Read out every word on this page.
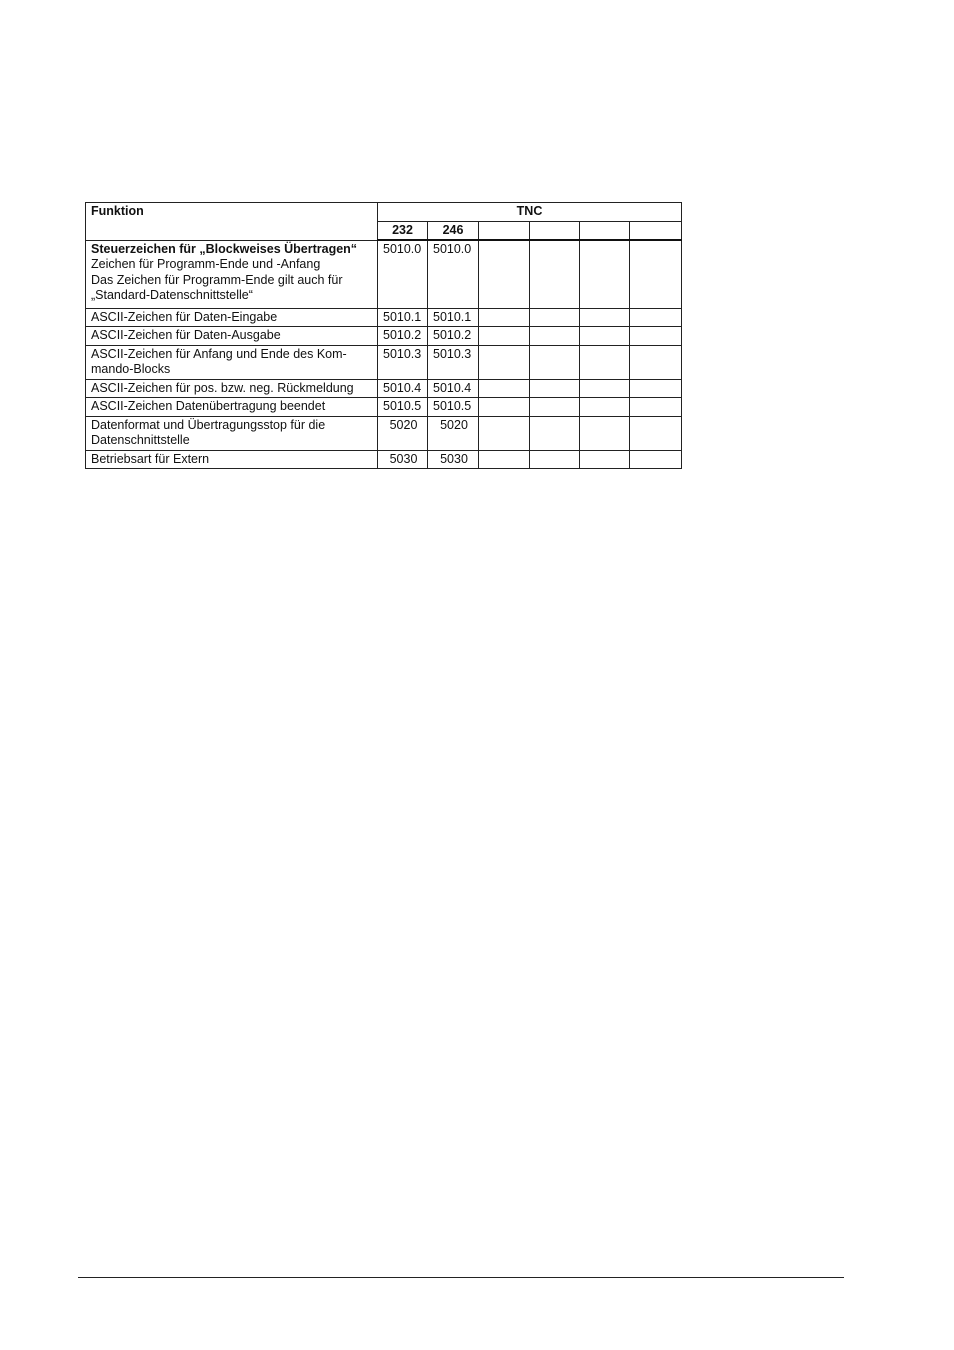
Funktion	TNC					
	232	246				

Steuerzeichen für „Blockweises Übertragen“
Zeichen für Programm-Ende und -Anfang
Das Zeichen für Programm-Ende gilt auch für
„Standard-Datenschnittstelle“	5010.0	5010.0				

ASCII-Zeichen für Daten-Eingabe	5010.1	5010.1				

ASCII-Zeichen für Daten-Ausgabe	5010.2	5010.2				

ASCII-Zeichen für Anfang und Ende des Kom-
mando-Blocks	5010.3	5010.3				

ASCII-Zeichen für pos. bzw. neg. Rückmeldung	5010.4	5010.4				

ASCII-Zeichen Datenübertragung beendet	5010.5	5010.5				

Datenformat und Übertragungsstop für die
Datenschnittstelle	5020	5020				

Betriebsart für Extern	5030	5030				
